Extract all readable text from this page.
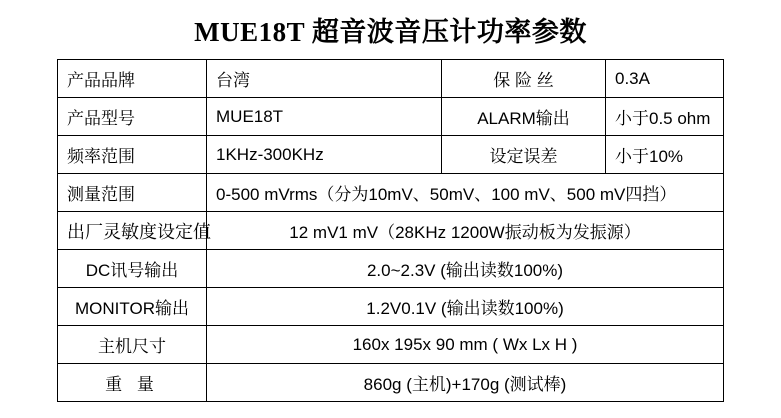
MUE18T 超音波音压计功率参数
产品品牌	台湾	保 险 丝	0.3A
产品型号	MUE18T	ALARM输出	小于0.5 ohm
频率范围	1KHz-300KHz	设定误差	小于10%
测量范围	0-500 mVrms（分为10mV、50mV、100 mV、500 mV四挡）		
出厂灵敏度设定值	12 mV1 mV（28KHz 1200W振动板为发振源）		
DC讯号输出	2.0~2.3V (输出读数100%)		
MONITOR输出	1.2V0.1V (输出读数100%)		
主机尺寸	160x 195x 90 mm ( Wx Lx H )		
重 量	860g (主机)+170g (测试棒)		
